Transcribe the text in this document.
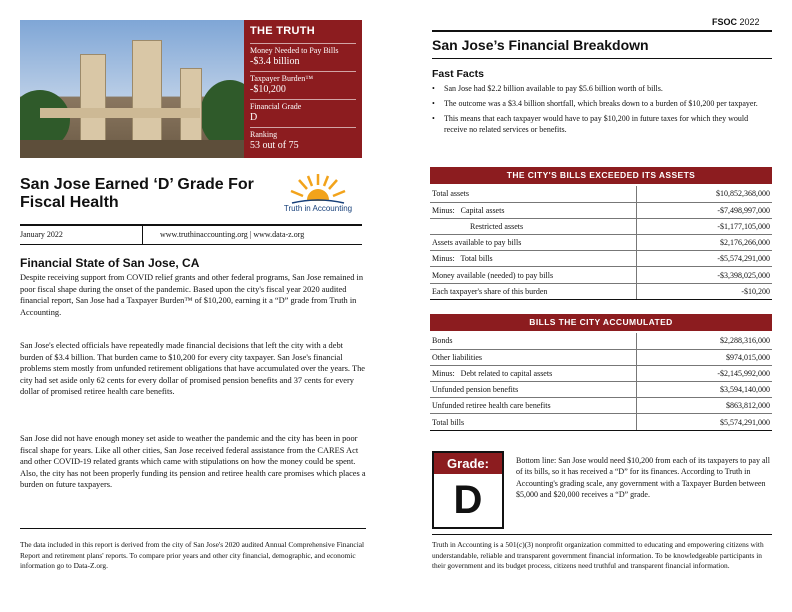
THE TRUTH
Money Needed to Pay Bills
-$3.4 billion
Taxpayer Burden™
-$10,200
Financial Grade
D
Ranking
53 out of 75
San Jose Earned ‘D’ Grade For Fiscal Health	Truth in Accounting
January 2022	www.truthinaccounting.org | www.data-z.org
Financial State of San Jose, CA

Despite receiving support from COVID relief grants and other federal programs, San Jose remained in poor fiscal shape during the onset of the pandemic. Based upon the city's fiscal year 2020 audited financial report, San Jose had a Taxpayer Burden™ of $10,200, earning it a “D” grade from Truth in Accounting.

San Jose's elected officials have repeatedly made financial decisions that left the city with a debt burden of $3.4 billion. That burden came to $10,200 for every city taxpayer. San Jose's financial problems stem mostly from unfunded retirement obligations that have accumulated over the years. The city had set aside only 62 cents for every dollar of promised pension benefits and 37 cents for every dollar of promised retiree health care benefits.

San Jose did not have enough money set aside to weather the pandemic and the city has been in poor fiscal shape for years. Like all other cities, San Jose received federal assistance from the CARES Act and other COVID-19 related grants which came with stipulations on how the money could be spent. Also, the city has not been properly funding its pension and retiree health care promises which places a burden on future taxpayers.

The data included in this report is derived from the city of San Jose's 2020 audited Annual Comprehensive Financial Report and retirement plans' reports. To compare prior years and other city financial, demographic, and economic information go to Data-Z.org.

FSOC 2022
San Jose’s Financial Breakdown
Fast Facts
• San Jose had $2.2 billion available to pay $5.6 billion worth of bills.
• The outcome was a $3.4 billion shortfall, which breaks down to a burden of $10,200 per taxpayer.
• This means that each taxpayer would have to pay $10,200 in future taxes for which they would receive no related services or benefits.
THE CITY'S BILLS EXCEEDED ITS ASSETS
Total assets	$10,852,368,000
Minus:   Capital assets	-$7,498,997,000
Restricted assets	-$1,177,105,000
Assets available to pay bills	$2,176,266,000
Minus:   Total bills	-$5,574,291,000
Money available (needed) to pay bills	-$3,398,025,000
Each taxpayer's share of this burden	-$10,200
BILLS THE CITY ACCUMULATED
Bonds	$2,288,316,000
Other liabilities	$974,015,000
Minus:   Debt related to capital assets	-$2,145,992,000
Unfunded pension benefits	$3,594,140,000
Unfunded retiree health care benefits	$863,812,000
Total bills	$5,574,291,000
Grade:
D

Bottom line: San Jose would need $10,200 from each of its taxpayers to pay all of its bills, so it has received a “D” for its finances. According to Truth in Accounting's grading scale, any government with a Taxpayer Burden between $5,000 and $20,000 receives a “D” grade.

Truth in Accounting is a 501(c)(3) nonprofit organization committed to educating and empowering citizens with understandable, reliable and transparent government financial information. To be knowledgeable participants in their government and its budget process, citizens need truthful and transparent financial information.
